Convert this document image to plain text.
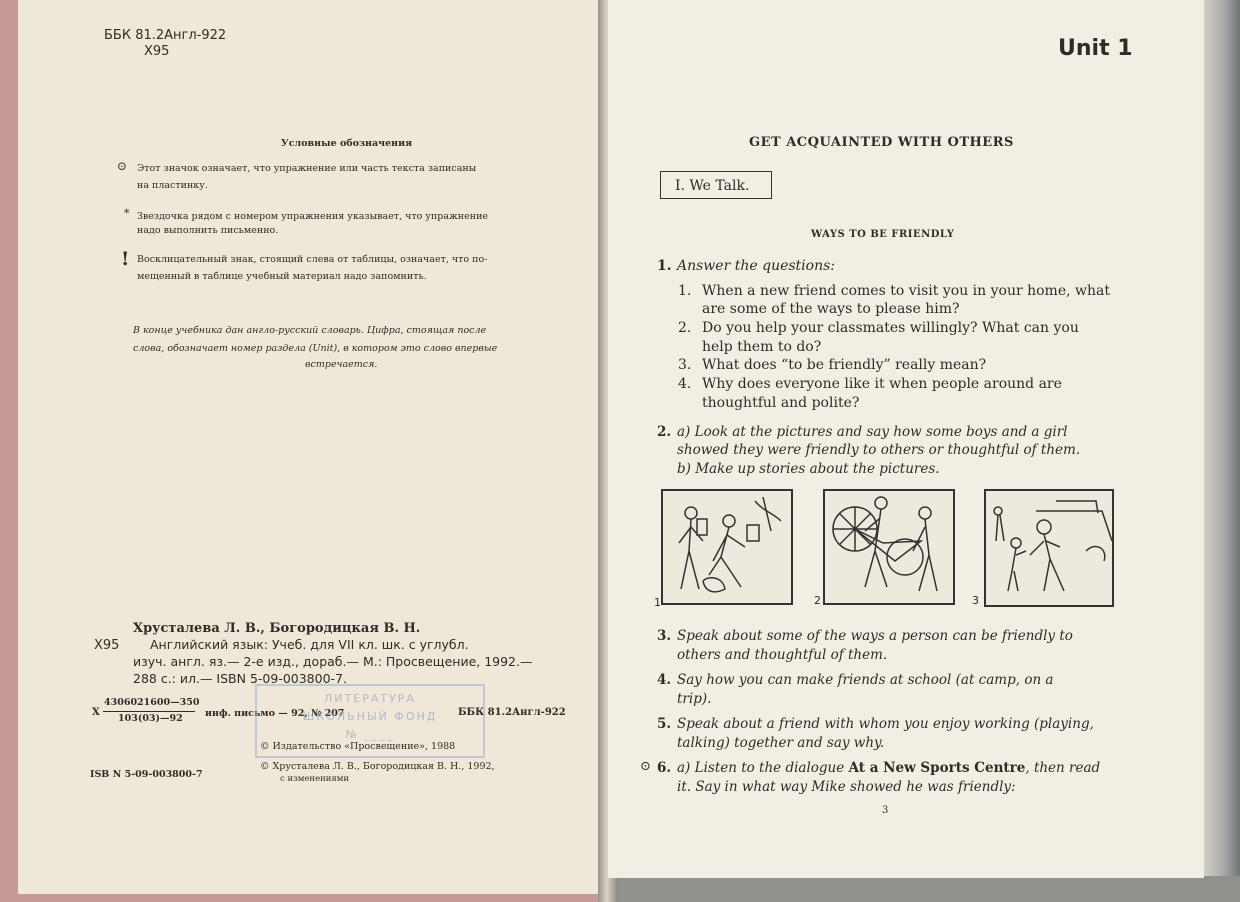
ББК 81.2Англ-922
Х95
Условные обозначения
⊙ Этот значок означает, что упражнение или часть текста записаны
на пластинку.
* Звездочка рядом с номером упражнения указывает, что упражнение
надо выполнить письменно.
! Восклицательный знак, стоящий слева от таблицы, означает, что по-
мещенный в таблице учебный материал надо запомнить.
В конце учебника дан англо-русский словарь. Цифра, стоящая после
слова, обозначает номер раздела (Unit), в котором это слово впервые
встречается.
Хрусталева Л. В., Богородицкая В. Н.
Х95 Английский язык: Учеб. для VII кл. шк. с углубл.
изуч. англ. яз.— 2-е изд., дораб.— М.: Просвещение, 1992.—
288 с.: ил.— ISBN 5-09-003800-7.
Х
4306021600—350
103(03)—92 инф. письмо — 92, № 207	ББК 81.2Англ-922
ISB N 5-09-003800-7
© Издательство «Просвещение», 1988
© Хрусталева Л. В., Богородицкая В. Н., 1992,
с изменениями
ЛИТЕРАТУРА
ШКОЛЬНЫЙ ФОНД
№ ____
Unit 1
GET ACQUAINTED WITH OTHERS
I. We Talk.
WAYS TO BE FRIENDLY
1. Answer the questions:
1. When a new friend comes to visit you in your home, what
are some of the ways to please him?
2. Do you help your classmates willingly? What can you
help them to do?
3. What does “to be friendly” really mean?
4. Why does everyone like it when people around are
thoughtful and polite?
2. a) Look at the pictures and say how some boys and a girl
showed they were friendly to others or thoughtful of them.
b) Make up stories about the pictures.
1	2	3
3. Speak about some of the ways a person can be friendly to
others and thoughtful of them.
4. Say how you can make friends at school (at camp, on a
trip).
5. Speak about a friend with whom you enjoy working (playing,
talking) together and say why.
⊙ 6. a) Listen to the dialogue At a New Sports Centre, then read
it. Say in what way Mike showed he was friendly:
3
